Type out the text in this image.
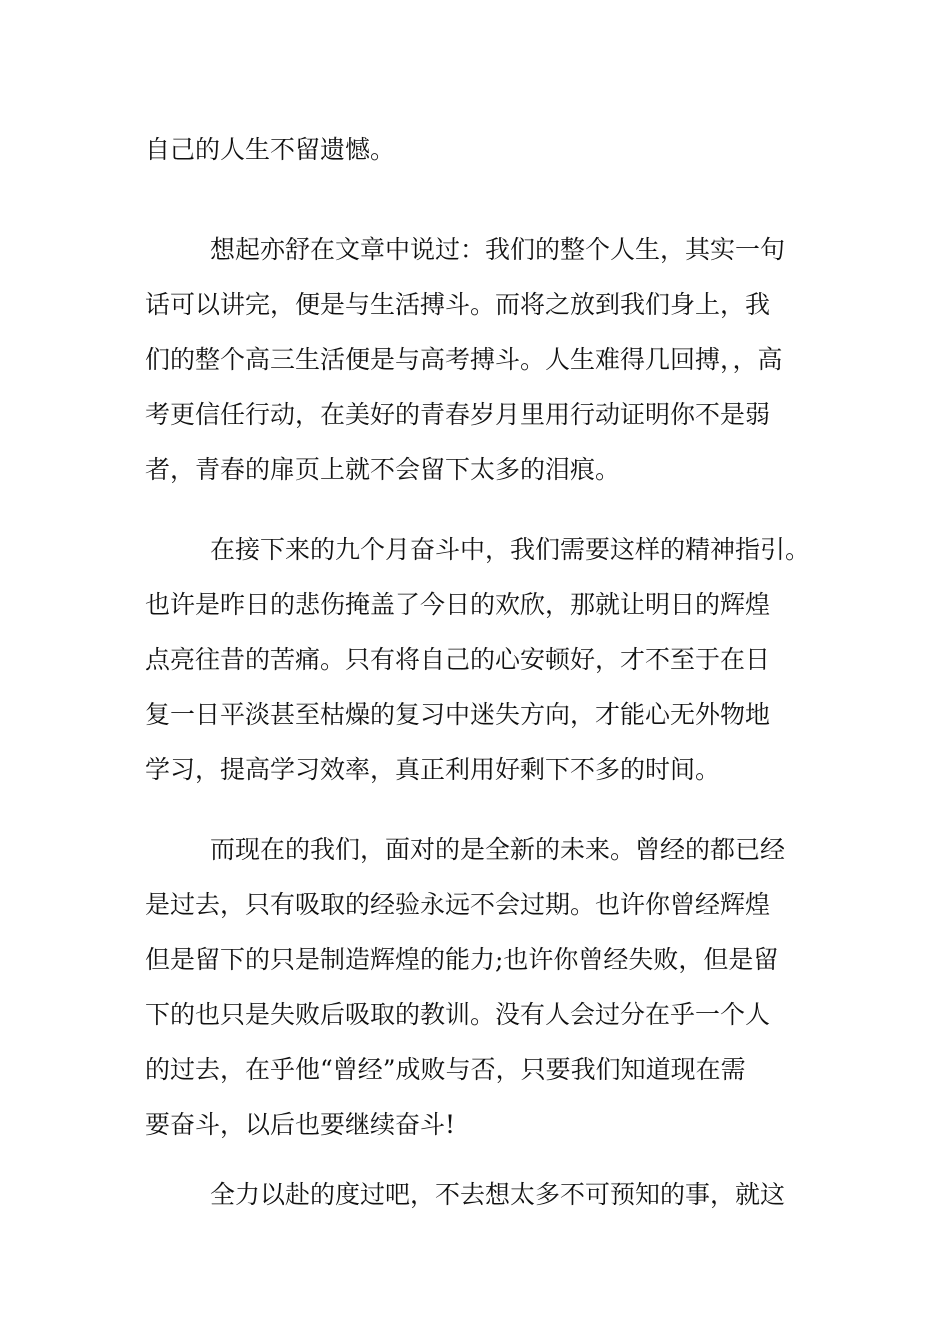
自己的人生不留遗憾。
想起亦舒在文章中说过：我们的整个人生，其实一句
话可以讲完，便是与生活搏斗。而将之放到我们身上，我
们的整个高三生活便是与高考搏斗。人生难得几回搏，，高
考更信任行动，在美好的青春岁月里用行动证明你不是弱
者，青春的扉页上就不会留下太多的泪痕。
在接下来的九个月奋斗中，我们需要这样的精神指引。
也许是昨日的悲伤掩盖了今日的欢欣，那就让明日的辉煌
点亮往昔的苦痛。只有将自己的心安顿好，才不至于在日
复一日平淡甚至枯燥的复习中迷失方向，才能心无外物地
学习，提高学习效率，真正利用好剩下不多的时间。
而现在的我们，面对的是全新的未来。曾经的都已经
是过去，只有吸取的经验永远不会过期。也许你曾经辉煌
但是留下的只是制造辉煌的能力;也许你曾经失败，但是留
下的也只是失败后吸取的教训。没有人会过分在乎一个人
的过去，在乎他“曾经”成败与否，只要我们知道现在需
要奋斗，以后也要继续奋斗!
全力以赴的度过吧，不去想太多不可预知的事，就这
